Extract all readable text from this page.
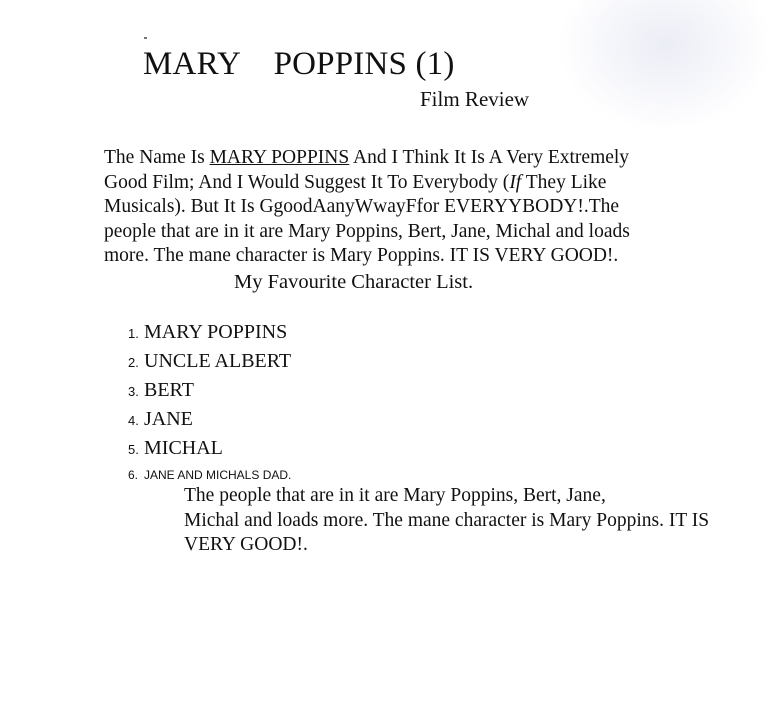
MARY    POPPINS (1)
Film Review

The Name Is MARY POPPINS And I Think It Is A Very Extremely
Good Film; And I Would Suggest It To Everybody (If They Like
Musicals). But It Is GgoodAanyWwayFfor EVERYYBODY!.The
people that are in it are Mary Poppins, Bert, Jane, Michal and loads
more. The mane character is Mary Poppins. IT IS VERY GOOD!.

My Favourite Character List.
1. MARY POPPINS
2. UNCLE ALBERT
3. BERT
4. JANE
5. MICHAL
6. JANE AND MICHALS DAD.

The people that are in it are Mary Poppins, Bert, Jane,
Michal and loads more. The mane character is Mary Poppins. IT IS
VERY GOOD!.
